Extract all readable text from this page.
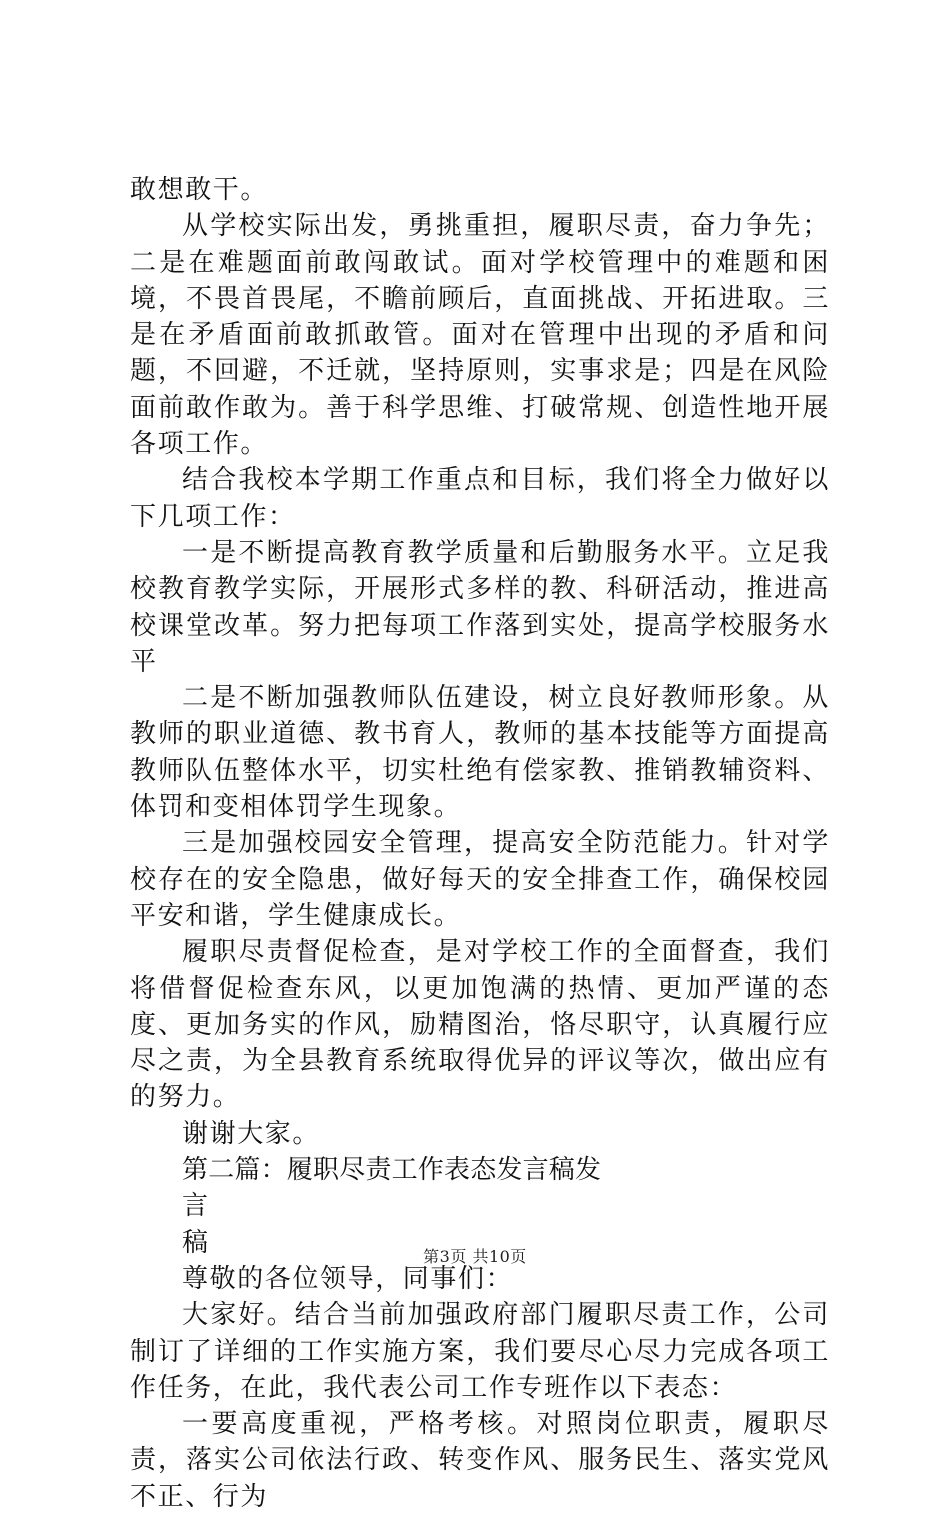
敢想敢干。

从学校实际出发，勇挑重担，履职尽责，奋力争先；二是在难题面前敢闯敢试。面对学校管理中的难题和困境，不畏首畏尾，不瞻前顾后，直面挑战、开拓进取。三是在矛盾面前敢抓敢管。面对在管理中出现的矛盾和问题，不回避，不迁就，坚持原则，实事求是；四是在风险面前敢作敢为。善于科学思维、打破常规、创造性地开展各项工作。

结合我校本学期工作重点和目标，我们将全力做好以下几项工作：

一是不断提高教育教学质量和后勤服务水平。立足我校教育教学实际，开展形式多样的教、科研活动，推进高校课堂改革。努力把每项工作落到实处，提高学校服务水平

二是不断加强教师队伍建设，树立良好教师形象。从教师的职业道德、教书育人，教师的基本技能等方面提高教师队伍整体水平，切实杜绝有偿家教、推销教辅资料、体罚和变相体罚学生现象。

三是加强校园安全管理，提高安全防范能力。针对学校存在的安全隐患，做好每天的安全排查工作，确保校园平安和谐，学生健康成长。

履职尽责督促检查，是对学校工作的全面督查，我们将借督促检查东风，以更加饱满的热情、更加严谨的态度、更加务实的作风，励精图治，恪尽职守，认真履行应尽之责，为全县教育系统取得优异的评议等次，做出应有的努力。

谢谢大家。

第二篇：履职尽责工作表态发言稿发

言

稿

尊敬的各位领导，同事们：

大家好。结合当前加强政府部门履职尽责工作，公司制订了详细的工作实施方案，我们要尽心尽力完成各项工作任务，在此，我代表公司工作专班作以下表态：

一要高度重视，严格考核。对照岗位职责，履职尽责，落实公司依法行政、转变作风、服务民生、落实党风不正、行为

第3页 共10页
